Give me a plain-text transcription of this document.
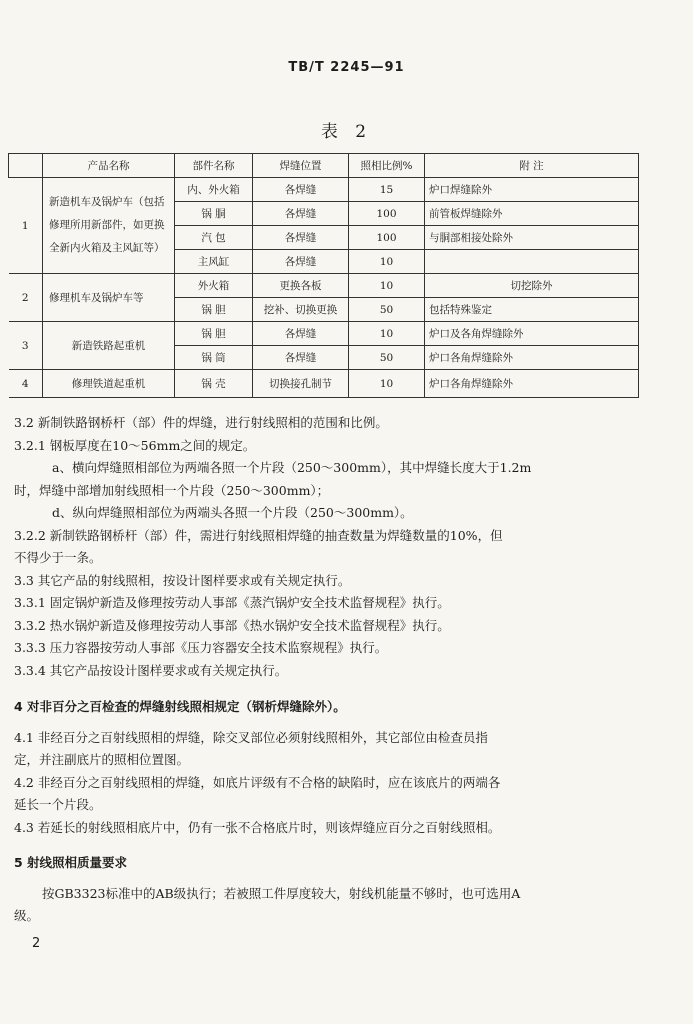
TB/T 2245—91
表 2
	产品名称	部件名称	焊缝位置	照相比例%	附 注
1	新造机车及锅炉车（包括修理所用新部件，如更换全新内火箱及主风缸等）	内、外火箱	各焊缝	15	炉口焊缝除外
		锅 胴	各焊缝	100	前管板焊缝除外
		汽 包	各焊缝	100	与胴部相接处除外
		主风缸	各焊缝	10	
2	修理机车及锅炉车等	外火箱	更换各板	10	切挖除外
		锅 胆	挖补、切换更换	50	包括特殊鉴定
3	新造铁路起重机	锅 胆	各焊缝	10	炉口及各角焊缝除外
		锅 筒	各焊缝	50	炉口各角焊缝除外
4	修理铁道起重机	锅 壳	切换接孔制节	10	炉口各角焊缝除外
3.2 新制铁路钢桥杆（部）件的焊缝，进行射线照相的范围和比例。
3.2.1 钢板厚度在10～56mm之间的规定。
a、横向焊缝照相部位为两端各照一个片段（250～300mm），其中焊缝长度大于1.2m
时，焊缝中部增加射线照相一个片段（250～300mm）；
d、纵向焊缝照相部位为两端头各照一个片段（250～300mm）。
3.2.2 新制铁路钢桥杆（部）件，需进行射线照相焊缝的抽查数量为焊缝数量的10%，但
不得少于一条。
3.3 其它产品的射线照相，按设计图样要求或有关规定执行。
3.3.1 固定锅炉新造及修理按劳动人事部《蒸汽锅炉安全技术监督规程》执行。
3.3.2 热水锅炉新造及修理按劳动人事部《热水锅炉安全技术监督规程》执行。
3.3.3 压力容器按劳动人事部《压力容器安全技术监察规程》执行。
3.3.4 其它产品按设计图样要求或有关规定执行。
4 对非百分之百检查的焊缝射线照相规定（钢析焊缝除外）。
4.1 非经百分之百射线照相的焊缝，除交叉部位必须射线照相外，其它部位由检查员指
定，并注副底片的照相位置图。
4.2 非经百分之百射线照相的焊缝，如底片评级有不合格的缺陷时，应在该底片的两端各
延长一个片段。
4.3 若延长的射线照相底片中，仍有一张不合格底片时，则该焊缝应百分之百射线照相。
5 射线照相质量要求
按GB3323标准中的AB级执行；若被照工件厚度较大，射线机能量不够时，也可选用A
级。
2
